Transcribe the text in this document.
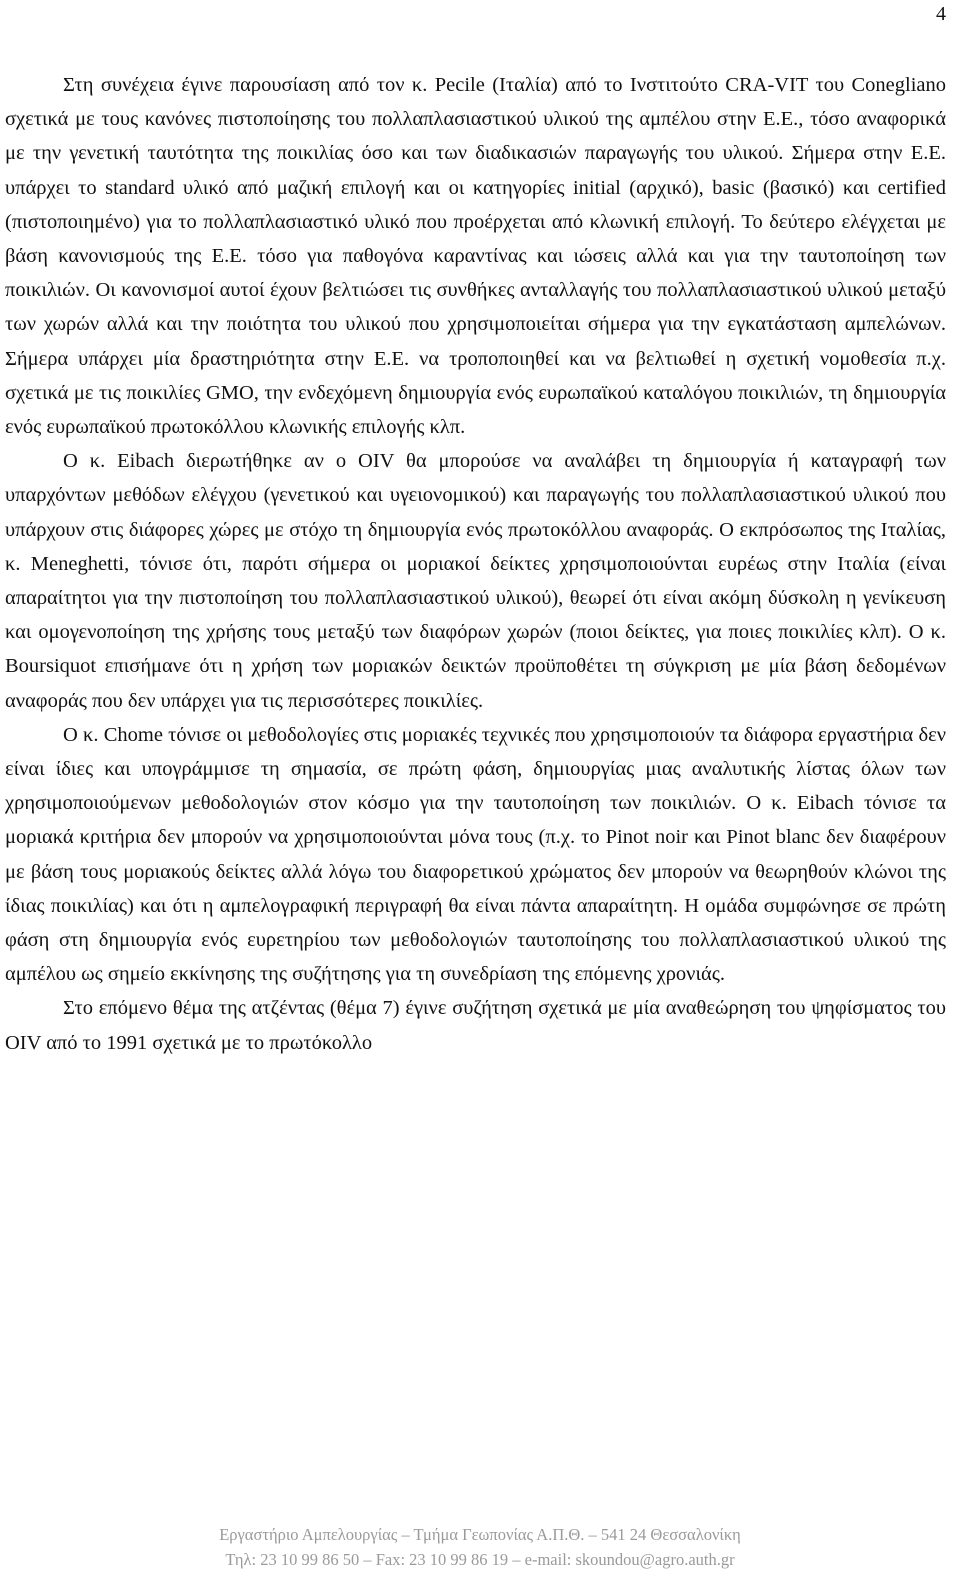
4

Στη συνέχεια έγινε παρουσίαση από τον κ. Pecile (Ιταλία) από το Ινστιτούτο CRA-VIT του Conegliano σχετικά με τους κανόνες πιστοποίησης του πολλαπλασιαστικού υλικού της αμπέλου στην Ε.Ε., τόσο αναφορικά με την γενετική ταυτότητα της ποικιλίας όσο και των διαδικασιών παραγωγής του υλικού. Σήμερα στην Ε.Ε. υπάρχει το standard υλικό από μαζική επιλογή και οι κατηγορίες initial (αρχικό), basic (βασικό) και certified (πιστοποιημένο) για το πολλαπλασιαστικό υλικό που προέρχεται από κλωνική επιλογή. Το δεύτερο ελέγχεται με βάση κανονισμούς της Ε.Ε. τόσο για παθογόνα καραντίνας και ιώσεις αλλά και για την ταυτοποίηση των ποικιλιών. Οι κανονισμοί αυτοί έχουν βελτιώσει τις συνθήκες ανταλλαγής του πολλαπλασιαστικού υλικού μεταξύ των χωρών αλλά και την ποιότητα του υλικού που χρησιμοποιείται σήμερα για την εγκατάσταση αμπελώνων. Σήμερα υπάρχει μία δραστηριότητα στην Ε.Ε. να τροποποιηθεί και να βελτιωθεί η σχετική νομοθεσία π.χ. σχετικά με τις ποικιλίες GMO, την ενδεχόμενη δημιουργία ενός ευρωπαϊκού καταλόγου ποικιλιών, τη δημιουργία ενός ευρωπαϊκού πρωτοκόλλου κλωνικής επιλογής κλπ.

Ο κ. Eibach διερωτήθηκε αν ο OIV θα μπορούσε να αναλάβει τη δημιουργία ή καταγραφή των υπαρχόντων μεθόδων ελέγχου (γενετικού και υγειονομικού) και παραγωγής του πολλαπλασιαστικού υλικού που υπάρχουν στις διάφορες χώρες με στόχο τη δημιουργία ενός πρωτοκόλλου αναφοράς. Ο εκπρόσωπος της Ιταλίας, κ. Meneghetti, τόνισε ότι, παρότι σήμερα οι μοριακοί δείκτες χρησιμοποιούνται ευρέως στην Ιταλία (είναι απαραίτητοι για την πιστοποίηση του πολλαπλασιαστικού υλικού), θεωρεί ότι είναι ακόμη δύσκολη η γενίκευση και ομογενοποίηση της χρήσης τους μεταξύ των διαφόρων χωρών (ποιοι δείκτες, για ποιες ποικιλίες κλπ). Ο κ. Boursiquot επισήμανε ότι η χρήση των μοριακών δεικτών προϋποθέτει τη σύγκριση με μία βάση δεδομένων αναφοράς που δεν υπάρχει για τις περισσότερες ποικιλίες.

Ο κ. Chome τόνισε οι μεθοδολογίες στις μοριακές τεχνικές που χρησιμοποιούν τα διάφορα εργαστήρια δεν είναι ίδιες και υπογράμμισε τη σημασία, σε πρώτη φάση, δημιουργίας μιας αναλυτικής λίστας όλων των χρησιμοποιούμενων μεθοδολογιών στον κόσμο για την ταυτοποίηση των ποικιλιών. Ο κ. Eibach τόνισε τα μοριακά κριτήρια δεν μπορούν να χρησιμοποιούνται μόνα τους (π.χ. το Pinot noir και Pinot blanc δεν διαφέρουν με βάση τους μοριακούς δείκτες αλλά λόγω του διαφορετικού χρώματος δεν μπορούν να θεωρηθούν κλώνοι της ίδιας ποικιλίας) και ότι η αμπελογραφική περιγραφή θα είναι πάντα απαραίτητη. Η ομάδα συμφώνησε σε πρώτη φάση στη δημιουργία ενός ευρετηρίου των μεθοδολογιών ταυτοποίησης του πολλαπλασιαστικού υλικού της αμπέλου ως σημείο εκκίνησης της συζήτησης για τη συνεδρίαση της επόμενης χρονιάς.

Στο επόμενο θέμα της ατζέντας (θέμα 7) έγινε συζήτηση σχετικά με μία αναθεώρηση του ψηφίσματος του OIV από το 1991 σχετικά με το πρωτόκολλο

Εργαστήριο Αμπελουργίας – Τμήμα Γεωπονίας Α.Π.Θ. – 541 24 Θεσσαλονίκη
Τηλ: 23 10 99 86 50 – Fax: 23 10 99 86 19 – e-mail: skoundou@agro.auth.gr
